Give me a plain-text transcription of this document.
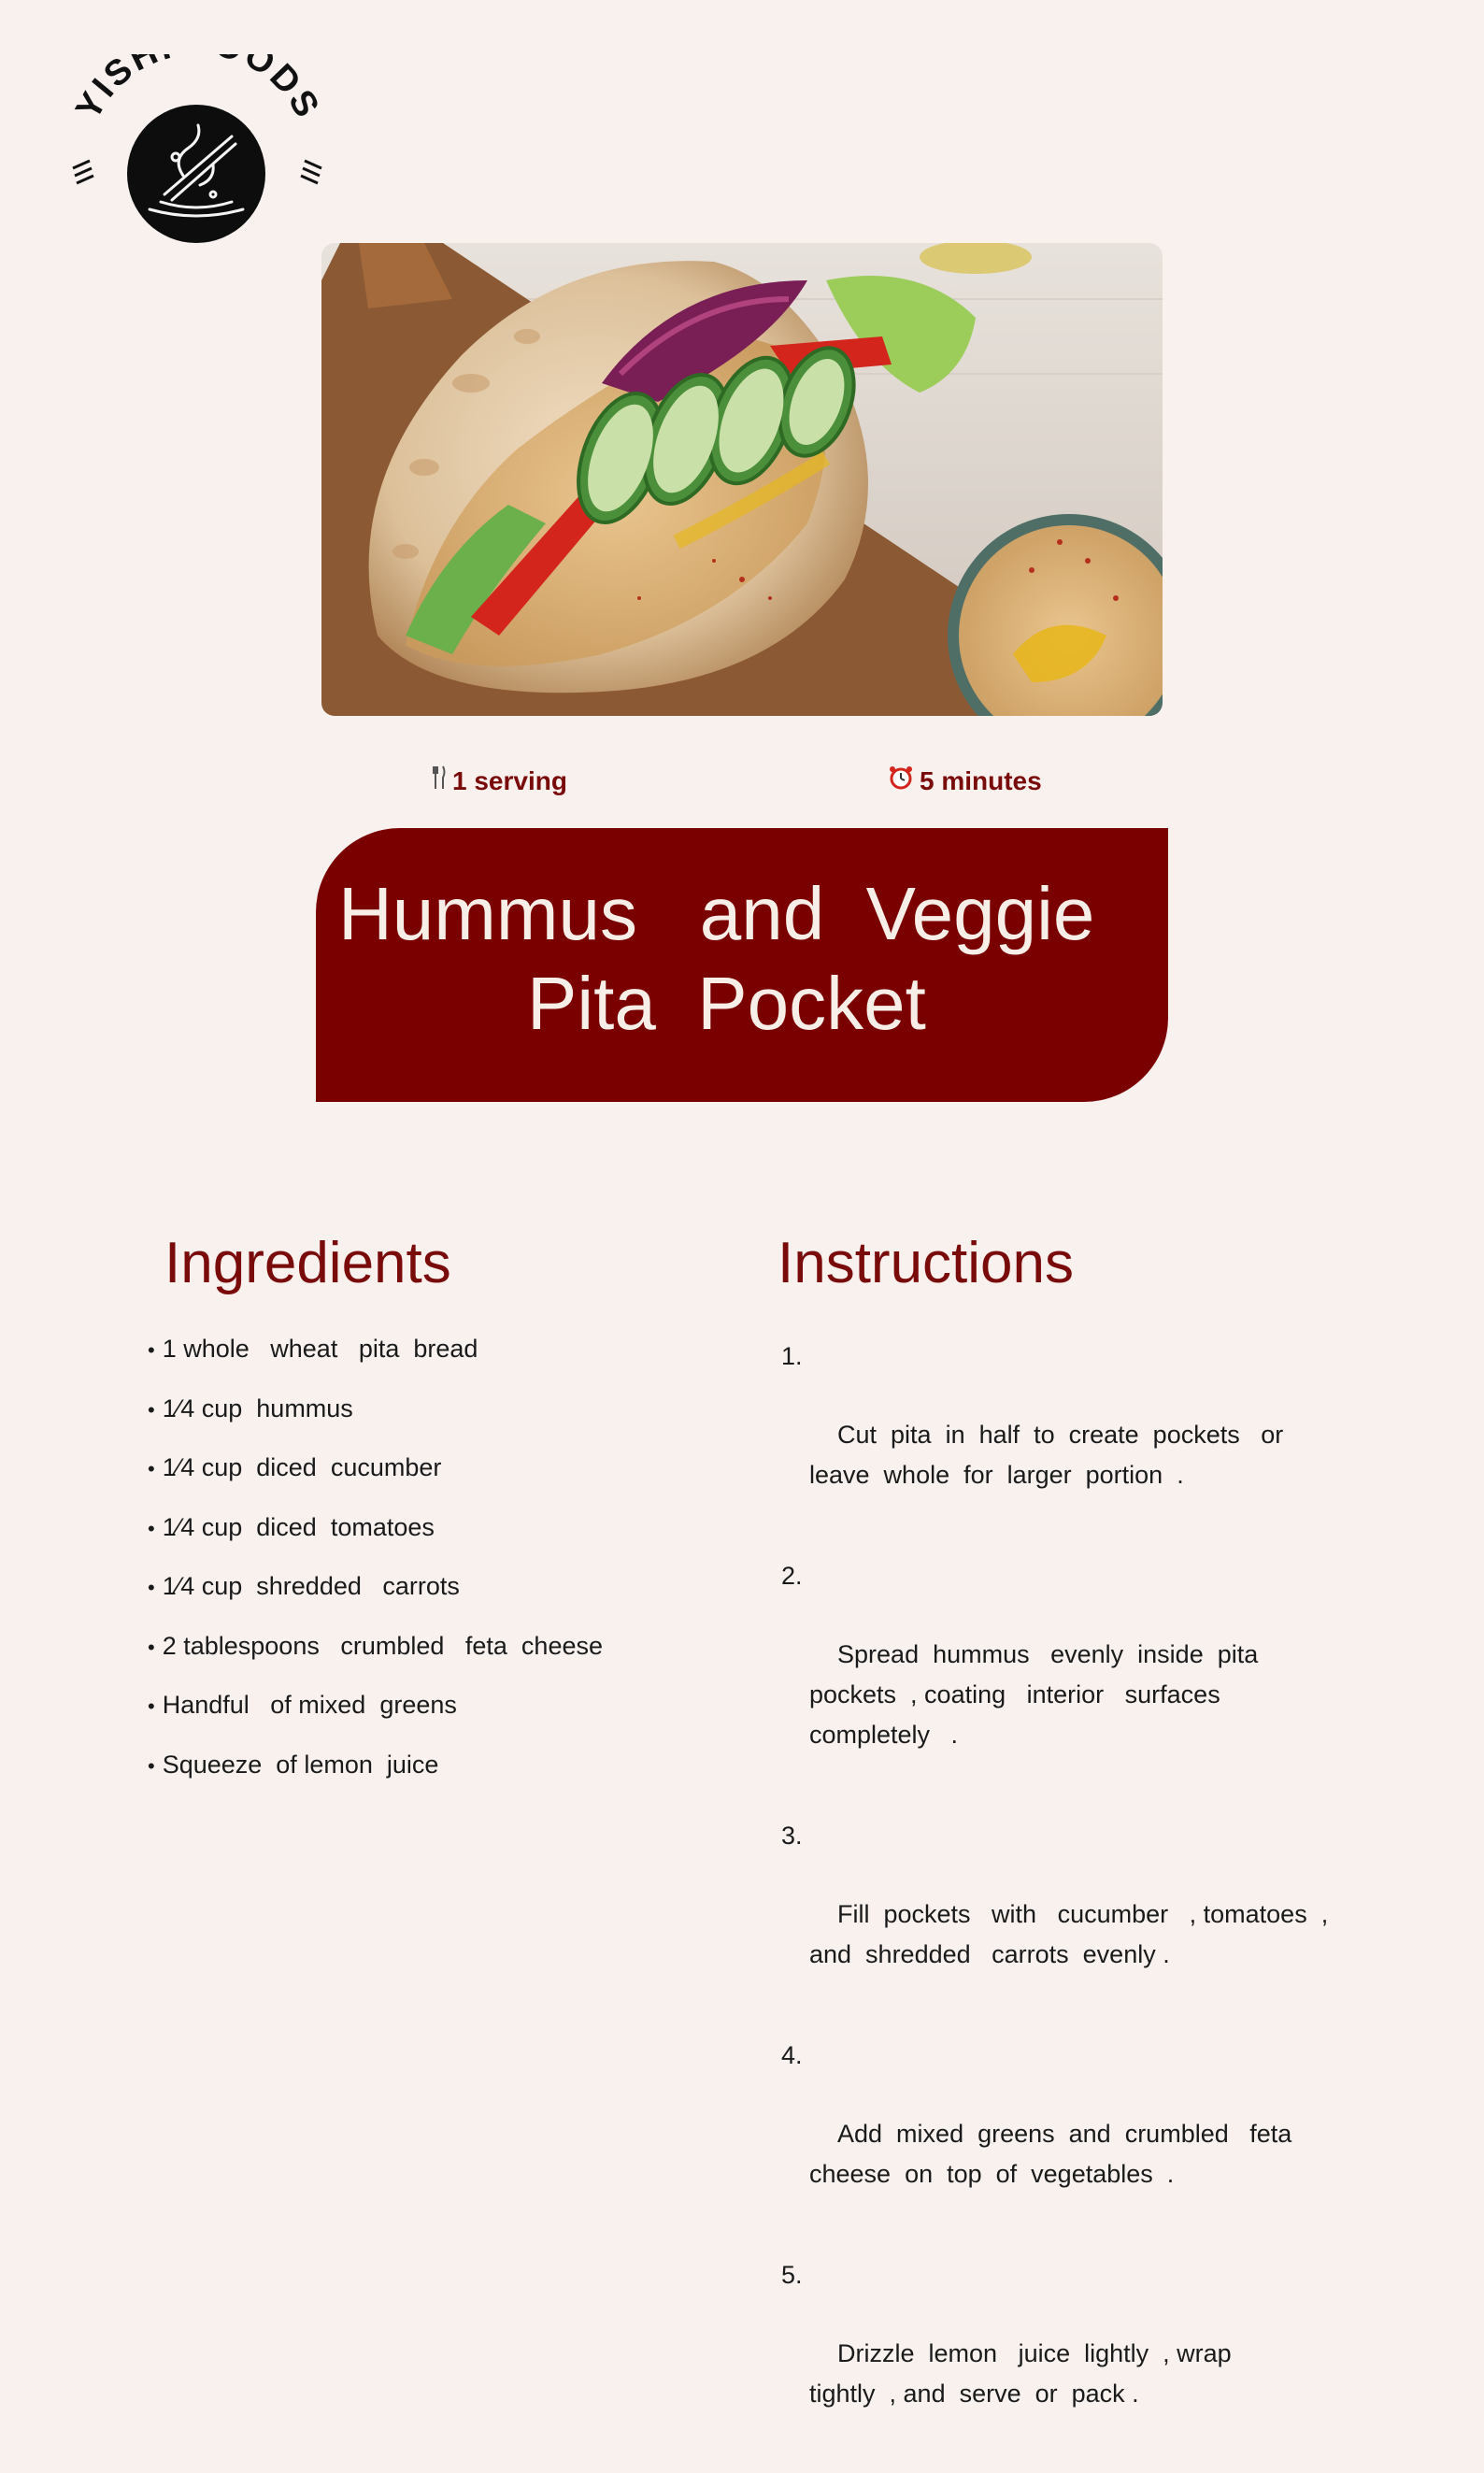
YISH ODS
1 serving	5 minutes
Hummus   and  Veggie
Pita  Pocket
Ingredients
• 1 whole   wheat   pita  bread
• 1⁄4 cup  hummus
• 1⁄4 cup  diced  cucumber
• 1⁄4 cup  diced  tomatoes
• 1⁄4 cup  shredded   carrots
• 2 tablespoons   crumbled   feta  cheese
• Handful   of mixed  greens
• Squeeze  of lemon  juice
Instructions

1.

Cut  pita  in  half  to  create  pockets   or
leave  whole  for  larger  portion  .

2.

Spread  hummus   evenly  inside  pita
pockets  , coating   interior   surfaces
completely   .

3.

Fill  pockets   with   cucumber   , tomatoes  ,
and  shredded   carrots  evenly .

4.

Add  mixed  greens  and  crumbled   feta
cheese  on  top  of  vegetables  .

5.

Drizzle  lemon   juice  lightly  , wrap
tightly  , and  serve  or  pack .
